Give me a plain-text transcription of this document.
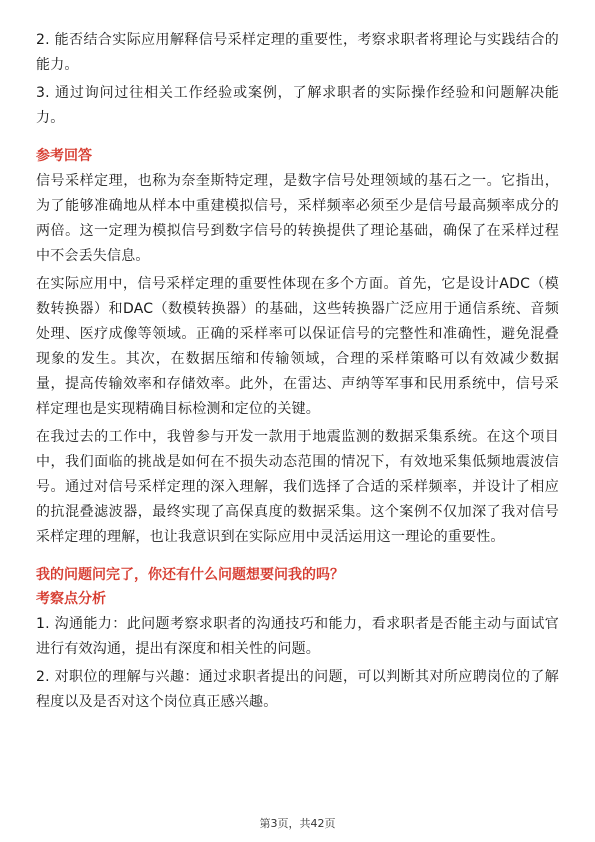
2. 能否结合实际应用解释信号采样定理的重要性，考察求职者将理论与实践结合的能力。

3. 通过询问过往相关工作经验或案例，了解求职者的实际操作经验和问题解决能力。

参考回答

信号采样定理，也称为奈奎斯特定理，是数字信号处理领域的基石之一。它指出，为了能够准确地从样本中重建模拟信号，采样频率必须至少是信号最高频率成分的两倍。这一定理为模拟信号到数字信号的转换提供了理论基础，确保了在采样过程中不会丢失信息。

在实际应用中，信号采样定理的重要性体现在多个方面。首先，它是设计ADC（模数转换器）和DAC（数模转换器）的基础，这些转换器广泛应用于通信系统、音频处理、医疗成像等领域。正确的采样率可以保证信号的完整性和准确性，避免混叠现象的发生。其次，在数据压缩和传输领域，合理的采样策略可以有效减少数据量，提高传输效率和存储效率。此外，在雷达、声纳等军事和民用系统中，信号采样定理也是实现精确目标检测和定位的关键。

在我过去的工作中，我曾参与开发一款用于地震监测的数据采集系统。在这个项目中，我们面临的挑战是如何在不损失动态范围的情况下，有效地采集低频地震波信号。通过对信号采样定理的深入理解，我们选择了合适的采样频率，并设计了相应的抗混叠滤波器，最终实现了高保真度的数据采集。这个案例不仅加深了我对信号采样定理的理解，也让我意识到在实际应用中灵活运用这一理论的重要性。

我的问题问完了，你还有什么问题想要问我的吗？
考察点分析

1. 沟通能力：此问题考察求职者的沟通技巧和能力，看求职者是否能主动与面试官进行有效沟通，提出有深度和相关性的问题。

2. 对职位的理解与兴趣：通过求职者提出的问题，可以判断其对所应聘岗位的了解程度以及是否对这个岗位真正感兴趣。

第3页，共42页
